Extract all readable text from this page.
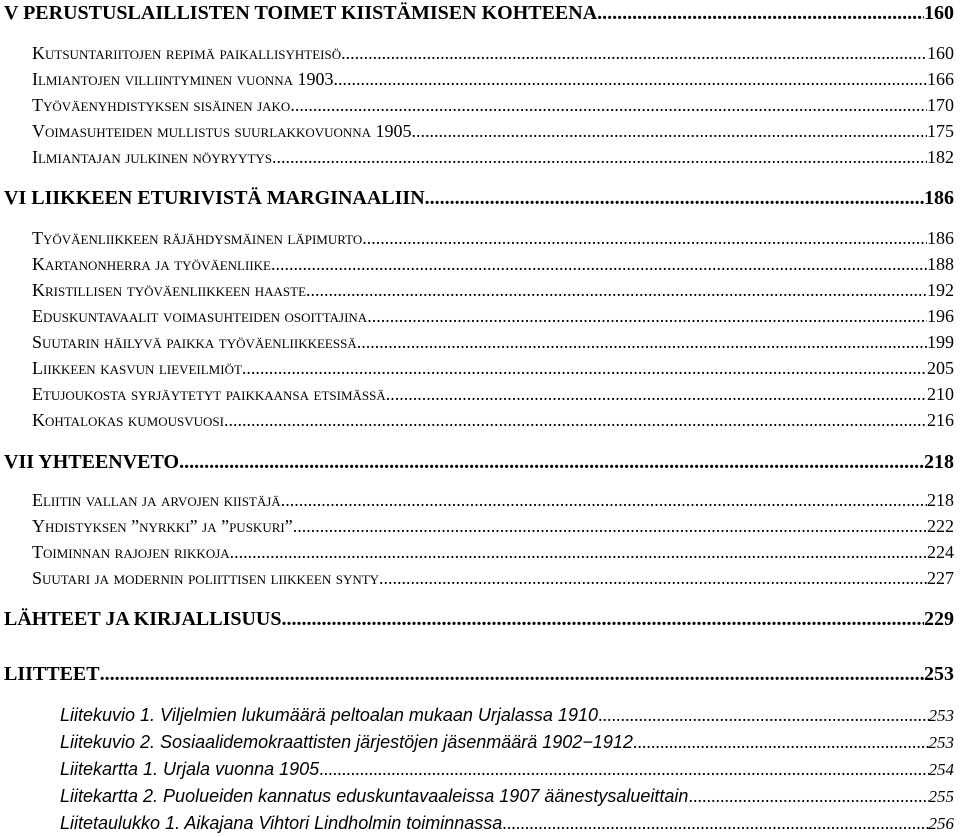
V PERUSTUSLAILLISTEN TOIMET KIISTÄMISEN KOHTEENA .....	160
Kutsuntariitojen repimä paikallisyhteisö .....	160
Ilmiantojen villiintyminen vuonna 1903 .....	166
Työväenyhdistyksen sisäinen jako .....	170
Voimasuhteiden mullistus suurlakkovuonna 1905 .....	175
Ilmiantajan julkinen nöyryytys .....	182
VI LIIKKEEN ETURIVISTÄ MARGINAALIIN .....	186
Työväenliikkeen räjähdysmäinen läpimurto .....	186
Kartanonherra ja työväenliike .....	188
Kristillisen työväenliikkeen haaste .....	192
Eduskuntavaalit voimasuhteiden osoittajina .....	196
Suutarin häilyvä paikka työväenliikkeessä .....	199
Liikkeen kasvun lieveilmiöt .....	205
Etujoukosta syrjäytetyt paikkaansa etsimässä .....	210
Kohtalokas kumousvuosi .....	216
VII YHTEENVETO .....	218
Eliitin vallan ja arvojen kiistäjä .....	218
Yhdistyksen ”nyrkki” ja ”puskuri” .....	222
Toiminnan rajojen rikkoja .....	224
Suutari ja modernin poliittisen liikkeen synty .....	227
LÄHTEET JA KIRJALLISUUS .....	229
LIITTEET .....	253
Liitekuvio 1. Viljelmien lukumäärä peltoalan mukaan Urjalassa 1910 .....	253
Liitekuvio 2. Sosiaalidemokraattisten järjestöjen jäsenmäärä 1902−1912 .....	253
Liitekartta 1. Urjala vuonna 1905 .....	254
Liitekartta 2. Puolueiden kannatus eduskuntavaaleissa 1907 äänestysalueittain .....	255
Liitetaulukko 1. Aikajana Vihtori Lindholmin toiminnassa .....	256
